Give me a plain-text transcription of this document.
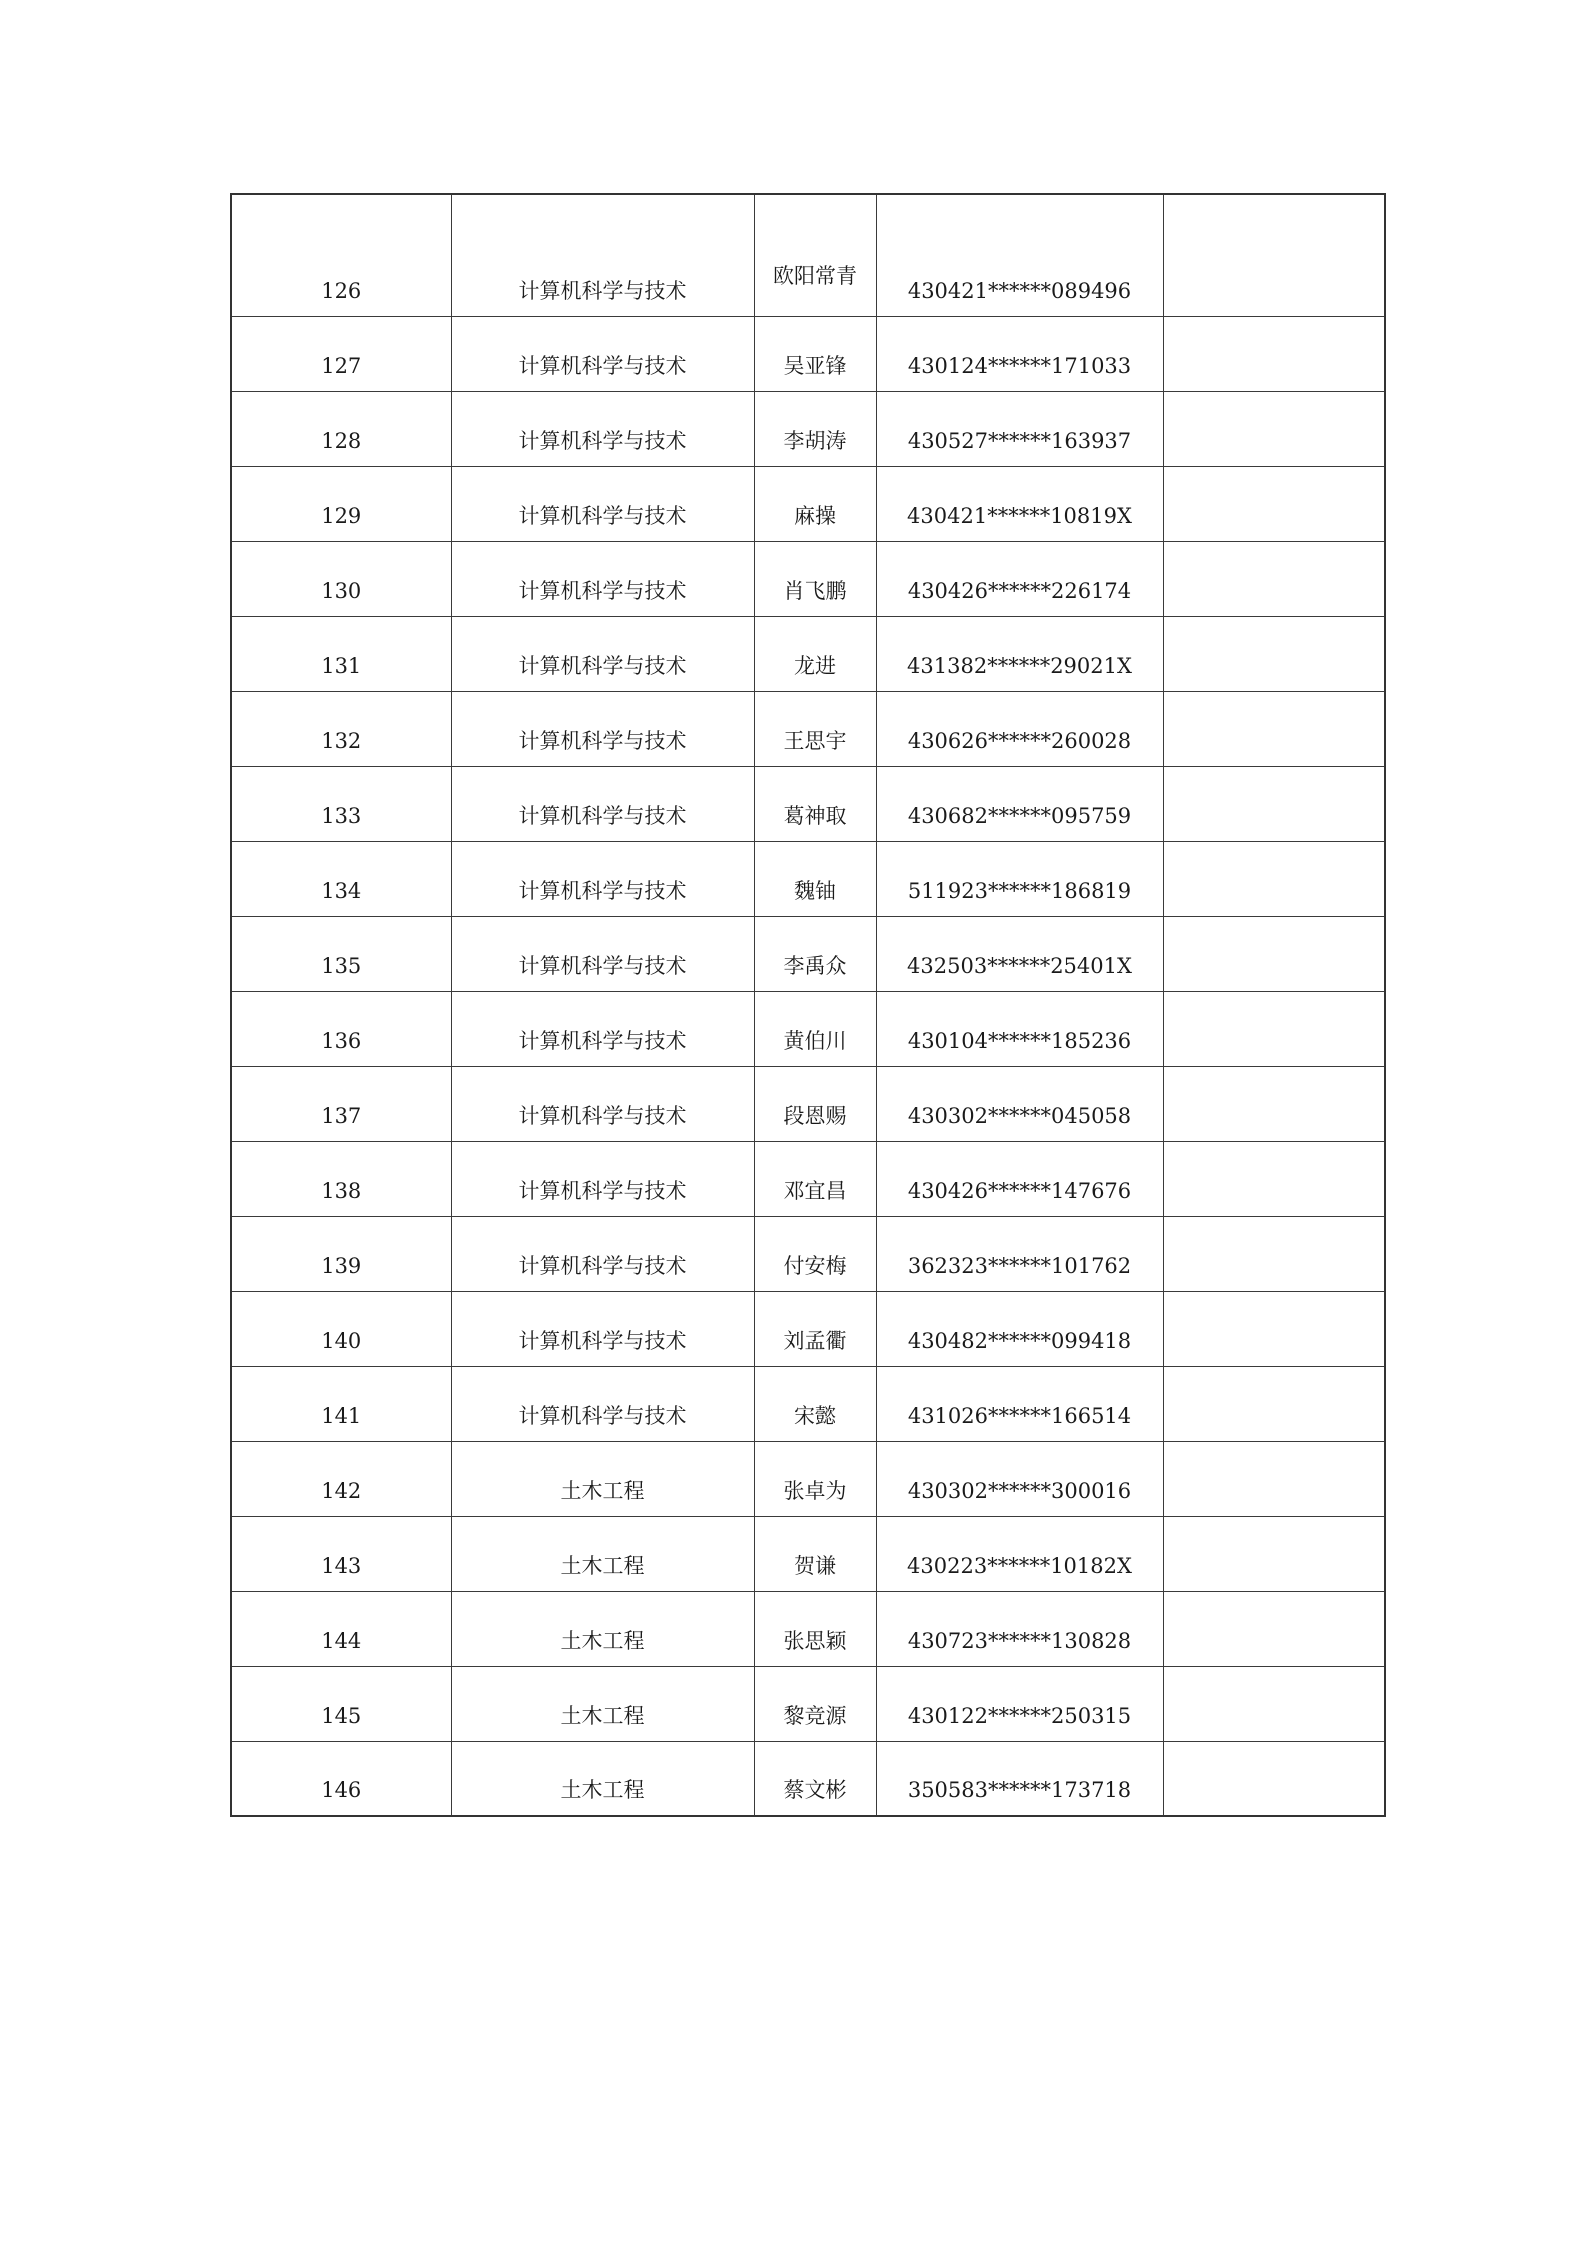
126	计算机科学与技术	欧阳常青	430421******089496	
127	计算机科学与技术	吴亚锋	430124******171033	
128	计算机科学与技术	李胡涛	430527******163937	
129	计算机科学与技术	麻操	430421******10819X	
130	计算机科学与技术	肖飞鹏	430426******226174	
131	计算机科学与技术	龙进	431382******29021X	
132	计算机科学与技术	王思宇	430626******260028	
133	计算机科学与技术	葛神取	430682******095759	
134	计算机科学与技术	魏铀	511923******186819	
135	计算机科学与技术	李禹众	432503******25401X	
136	计算机科学与技术	黄伯川	430104******185236	
137	计算机科学与技术	段恩赐	430302******045058	
138	计算机科学与技术	邓宜昌	430426******147676	
139	计算机科学与技术	付安梅	362323******101762	
140	计算机科学与技术	刘孟衢	430482******099418	
141	计算机科学与技术	宋懿	431026******166514	
142	土木工程	张卓为	430302******300016	
143	土木工程	贺谦	430223******10182X	
144	土木工程	张思颖	430723******130828	
145	土木工程	黎竞源	430122******250315	
146	土木工程	蔡文彬	350583******173718	
